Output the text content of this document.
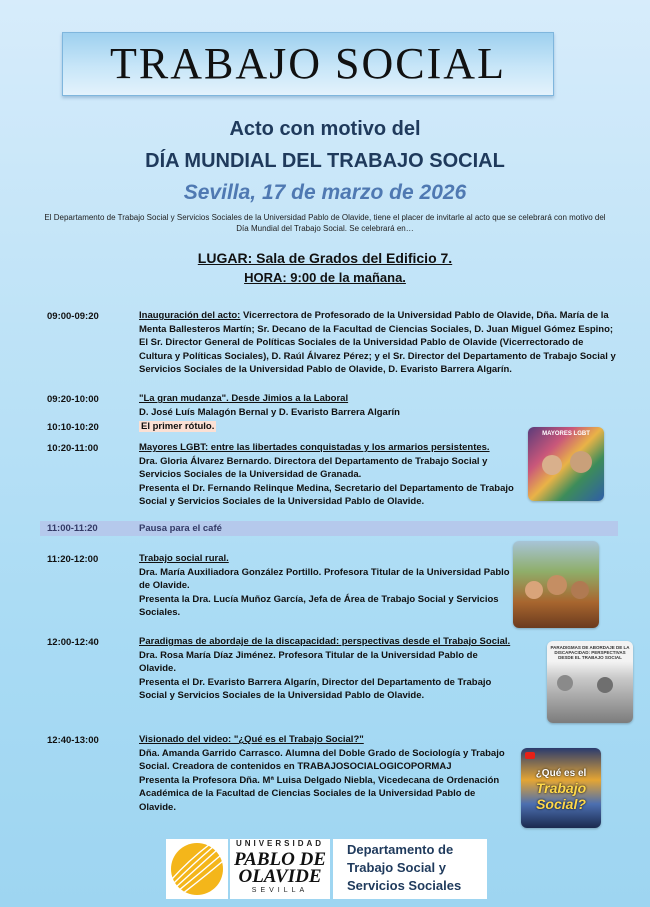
TRABAJO SOCIAL
Acto con motivo del
DÍA MUNDIAL DEL TRABAJO SOCIAL
Sevilla, 17 de marzo de 2026
El Departamento de Trabajo Social y Servicios Sociales de la Universidad Pablo de Olavide, tiene el placer de invitarle al acto que se celebrará con motivo del Día Mundial del Trabajo Social. Se celebrará en…
LUGAR: Sala de Grados del Edificio 7.
HORA: 9:00 de la mañana.
09:00-09:20	Inauguración del acto: Vicerrectora de Profesorado de la Universidad Pablo de Olavide, Dña. María de la Menta Ballesteros Martín; Sr. Decano de la Facultad de Ciencias Sociales, D. Juan Miguel Gómez Espino; El Sr. Director General de Políticas Sociales de la Universidad Pablo de Olavide (Vicerrectorado de Cultura y Políticas Sociales), D. Raúl Álvarez Pérez; y el Sr. Director del Departamento de Trabajo Social y Servicios Sociales de la Universidad Pablo de Olavide, D. Evaristo Barrera Algarín.
09:20-10:00	"La gran mudanza". Desde Jimios a la Laboral
D. José Luís Malagón Bernal y D. Evaristo Barrera Algarín
10:10-10:20	El primer rótulo.
10:20-11:00	Mayores LGBT: entre las libertades conquistadas y los armarios persistentes.
Dra. Gloria Álvarez Bernardo. Directora del Departamento de Trabajo Social y Servicios Sociales de la Universidad de Granada.
Presenta el Dr. Fernando Relinque Medina, Secretario del Departamento de Trabajo Social y Servicios Sociales de la Universidad Pablo de Olavide.
MAYORES LGBT
11:00-11:20	Pausa para el café
11:20-12:00	Trabajo social rural.
Dra. María Auxiliadora González Portillo. Profesora Titular de la Universidad Pablo de Olavide.
Presenta la Dra. Lucía Muñoz García, Jefa de Área de Trabajo Social y Servicios Sociales.
12:00-12:40	Paradigmas de abordaje de la discapacidad: perspectivas desde el Trabajo Social.
Dra. Rosa María Díaz Jiménez. Profesora Titular de la Universidad Pablo de Olavide.
Presenta el Dr. Evaristo Barrera Algarín, Director del Departamento de Trabajo Social y Servicios Sociales de la Universidad Pablo de Olavide.
PARADIGMAS DE ABORDAJE DE LA DISCAPACIDAD: PERSPECTIVAS DESDE EL TRABAJO SOCIAL
12:40-13:00	Visionado del video: "¿Qué es el Trabajo Social?"
Dña. Amanda Garrido Carrasco. Alumna del Doble Grado de Sociología y Trabajo Social. Creadora de contenidos en TRABAJOSOCIALOGICOPORMAJ
Presenta la Profesora Dña. Mª Luisa Delgado Niebla, Vicedecana de Ordenación Académica de la Facultad de Ciencias Sociales de la Universidad Pablo de Olavide.
¿Qué es el
Trabajo Social?
UNIVERSIDAD
PABLO DE
OLAVIDE
SEVILLA
Departamento de
Trabajo Social y
Servicios Sociales
